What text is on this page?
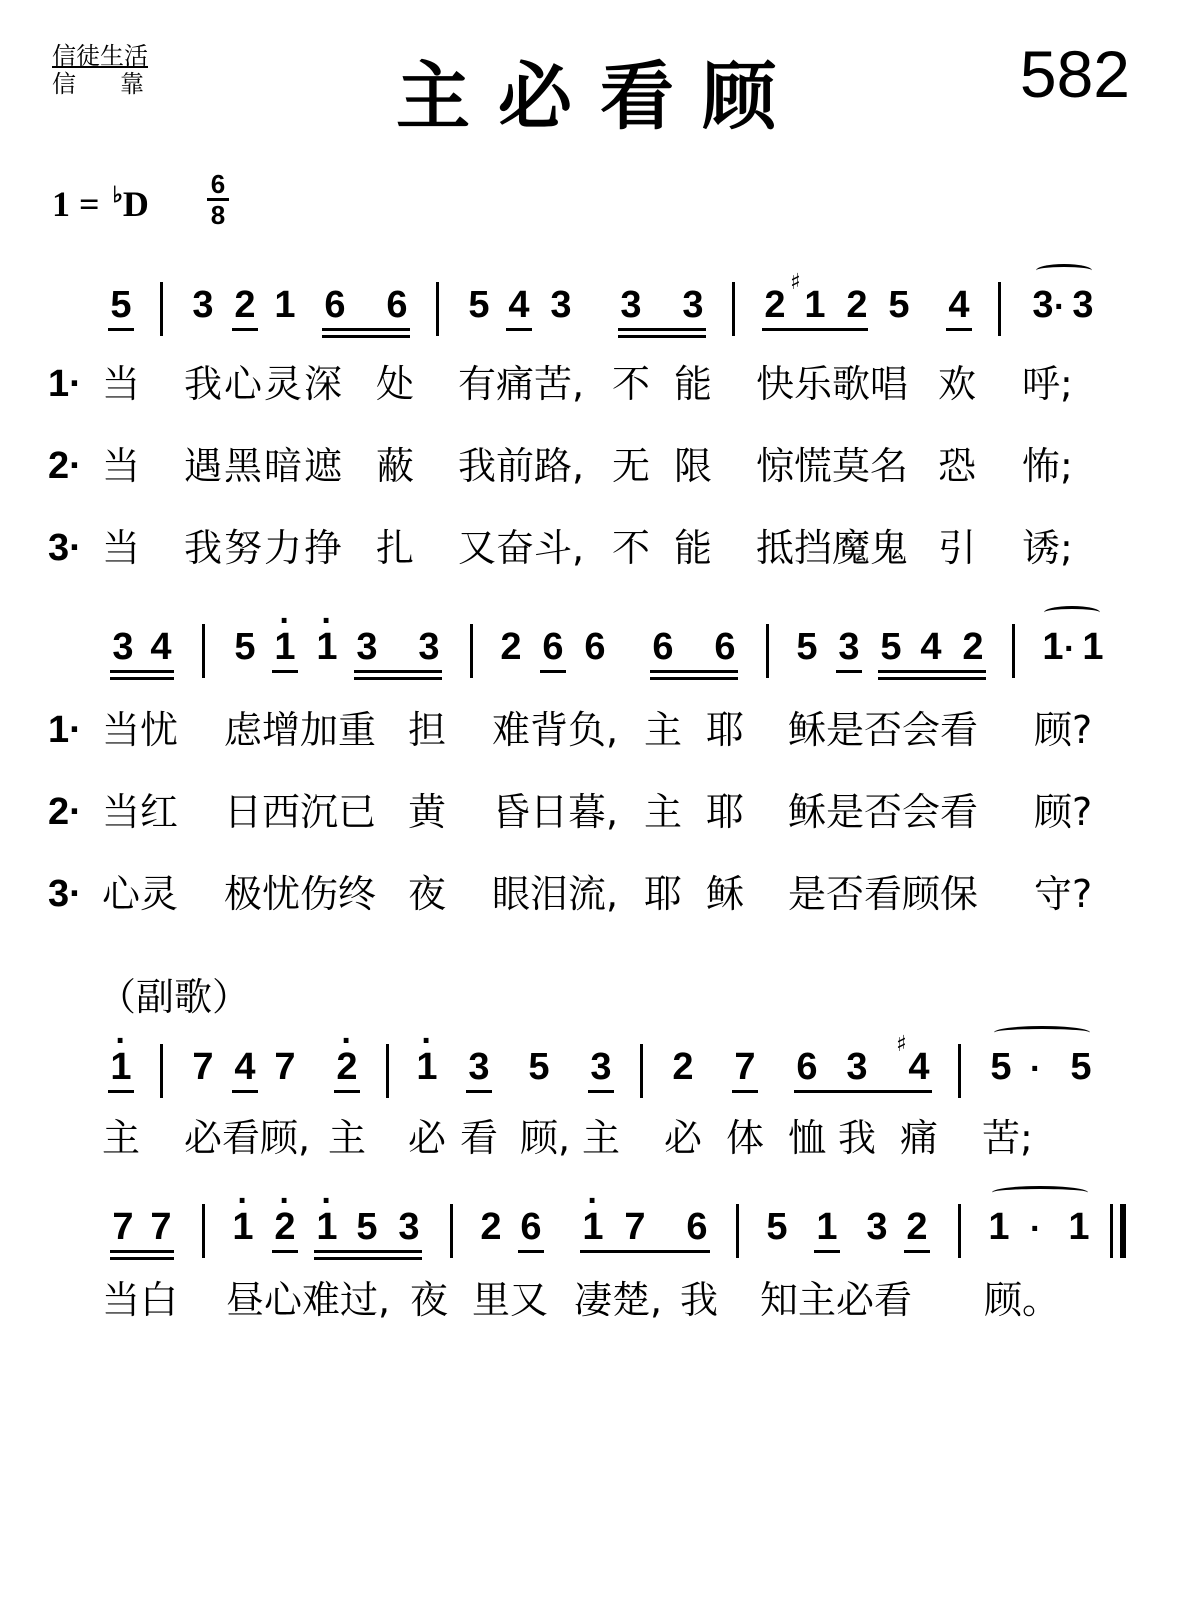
信徒生活
信靠	主必看顾	582
1 = ♭D 6
8
5 3 2 1 6 6 5 4 3 3 3 2
♯
1 2 5 4 3 · 3
1· 当 我心灵深 处 有痛苦, 不 能 快乐歌唱 欢 呼;
2· 当 遇黑暗遮 蔽 我前路, 无 限 惊慌莫名 恐 怖;
3· 当 我努力挣 扎 又奋斗, 不 能 抵挡魔鬼 引 诱;
3 4 5 · 1 · 1 3 3 2 6 6 6 6 5 3 5 4 2 1 · 1
1· 当忧 虑增加重 担 难背负, 主 耶 稣是否会看 顾?
2· 当红 日西沉已 黄 昏日暮, 主 耶 稣是否会看 顾?
3· 心灵 极忧伤终 夜 眼泪流, 耶 稣 是否看顾保 守?
（副歌）
· 1 7 4 7 · 2 · 1 3 5 3 2 7 6 3
♯
4 5 · 5
主 必看顾, 主 必 看 顾, 主 必 体 恤 我 痛 苦;
7 7 · 1 · 2 · 1 5 3 2 6 · 1 7 6 5 1 3 2 1 · 1
当白 昼心难过, 夜 里又 凄楚, 我 知主必看 顾。
